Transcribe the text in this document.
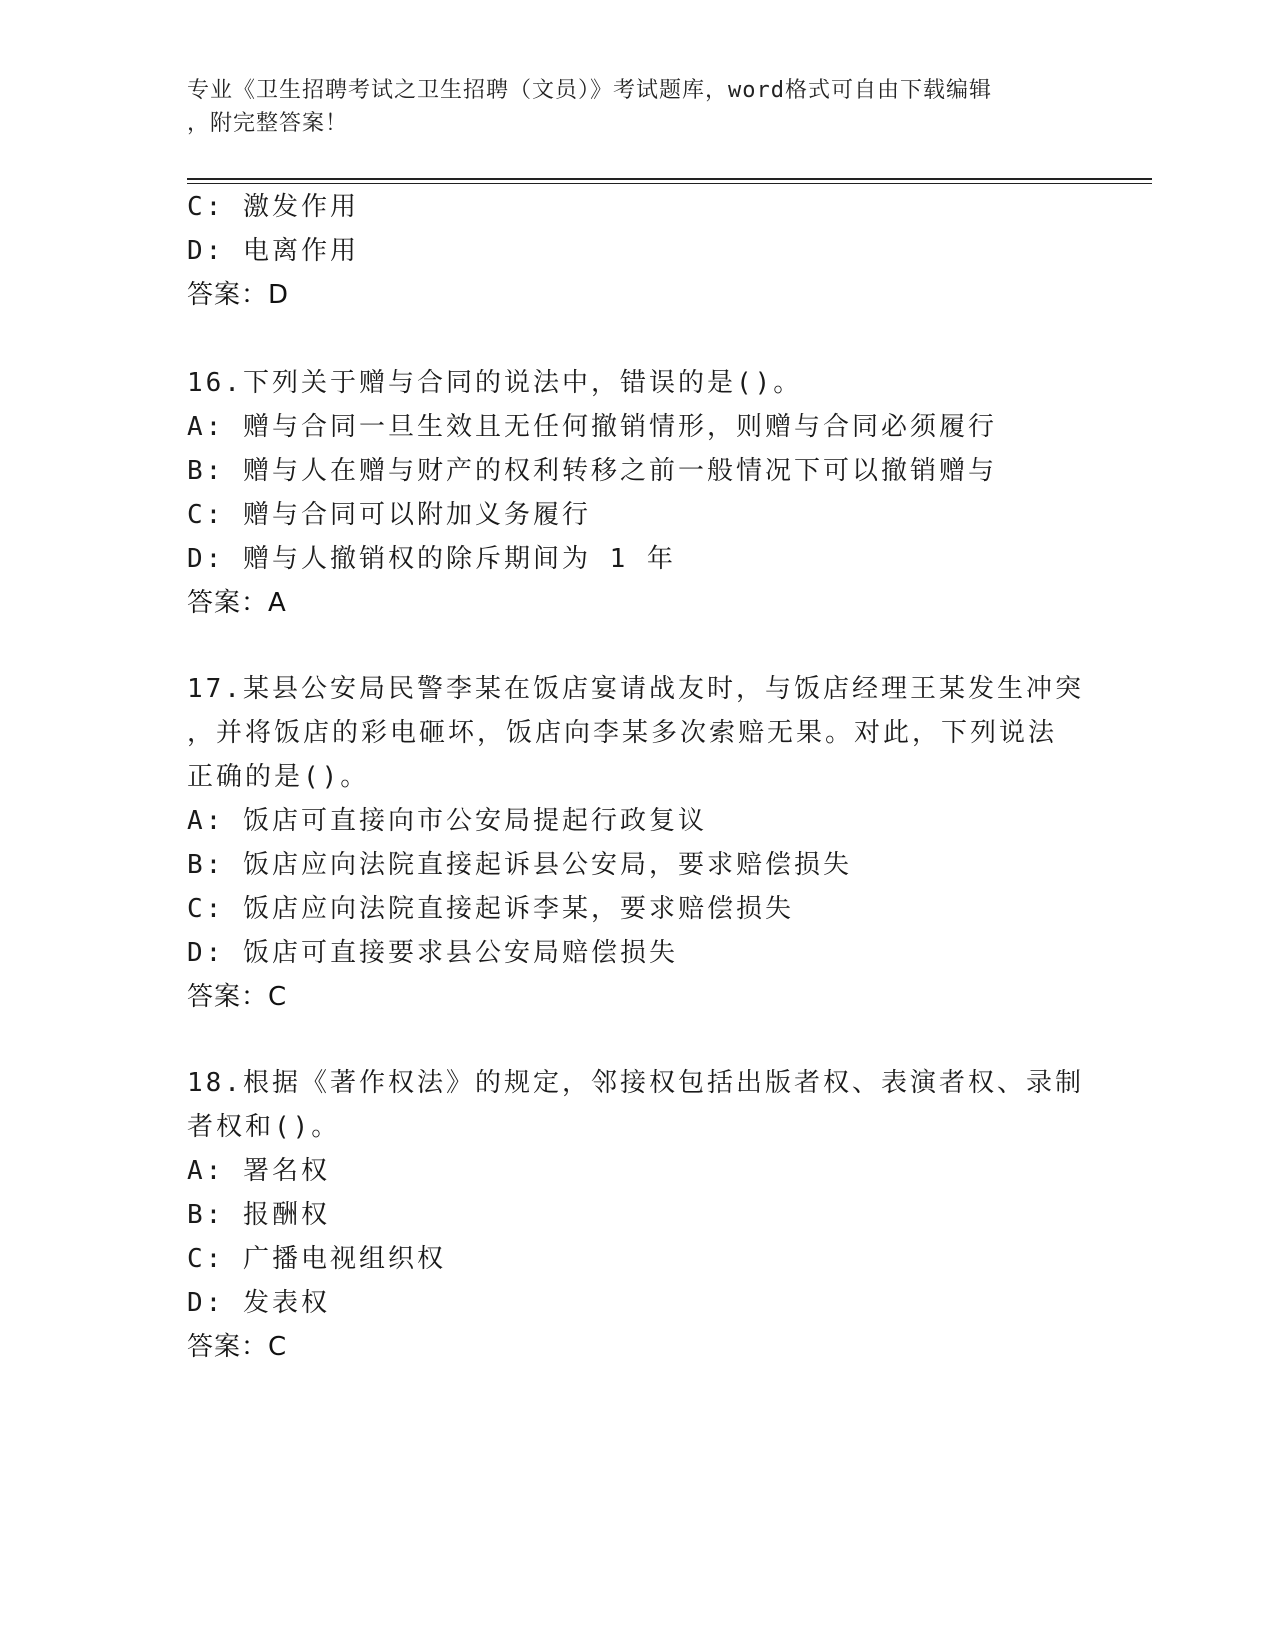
专业《卫生招聘考试之卫生招聘（文员）》考试题库，word格式可自由下载编辑
，附完整答案！
C: 激发作用
D: 电离作用
答案：D
16.下列关于赠与合同的说法中，错误的是()。
A: 赠与合同一旦生效且无任何撤销情形，则赠与合同必须履行
B: 赠与人在赠与财产的权利转移之前一般情况下可以撤销赠与
C: 赠与合同可以附加义务履行
D: 赠与人撤销权的除斥期间为 1 年
答案：A
17.某县公安局民警李某在饭店宴请战友时，与饭店经理王某发生冲突
，并将饭店的彩电砸坏，饭店向李某多次索赔无果。对此，下列说法
正确的是()。
A: 饭店可直接向市公安局提起行政复议
B: 饭店应向法院直接起诉县公安局，要求赔偿损失
C: 饭店应向法院直接起诉李某，要求赔偿损失
D: 饭店可直接要求县公安局赔偿损失
答案：C
18.根据《著作权法》的规定，邻接权包括出版者权、表演者权、录制
者权和()。
A: 署名权
B: 报酬权
C: 广播电视组织权
D: 发表权
答案：C
